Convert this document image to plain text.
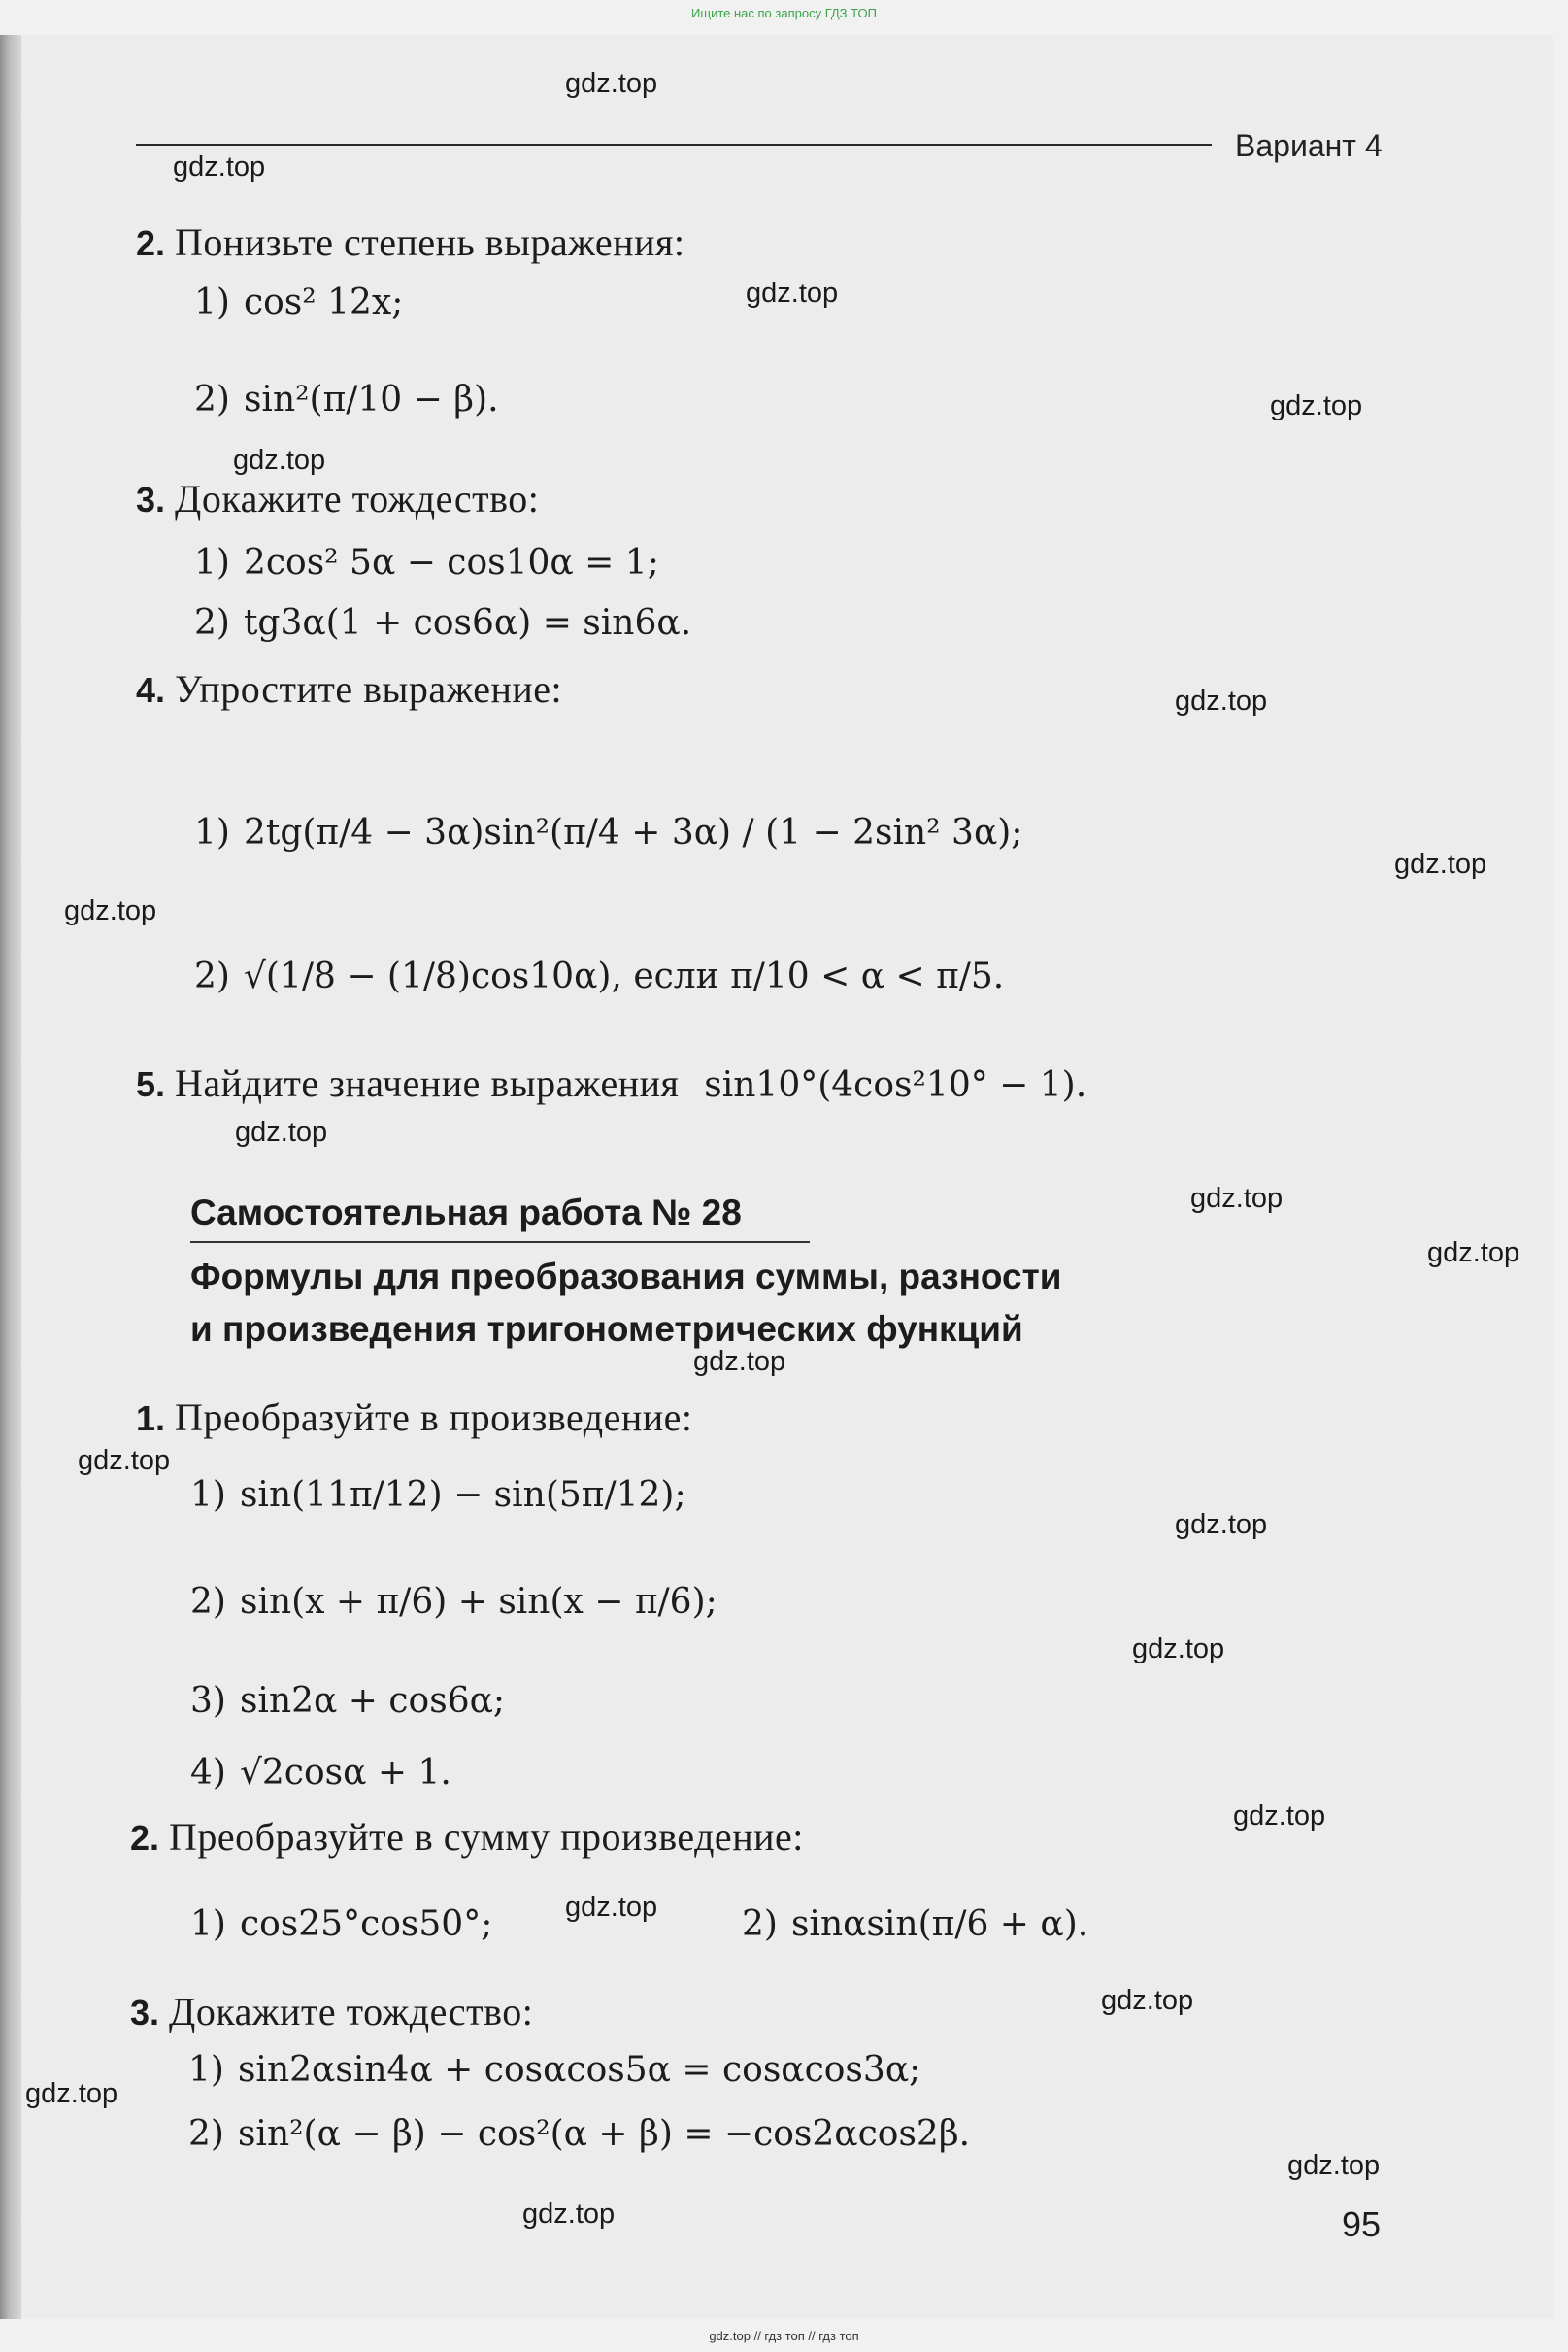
Ищите нас по запросу ГДЗ ТОП
Вариант 4
2. Понизьте степень выражения:
1) cos² 12x;
2) sin²(π/10 − β).
3. Докажите тождество:
1) 2cos² 5α − cos10α = 1;
2) tg3α(1 + cos6α) = sin6α.
4. Упростите выражение:
1) 2tg(π/4 − 3α)sin²(π/4 + 3α) / (1 − 2sin² 3α);
2) √(1/8 − (1/8)cos10α), если π/10 < α < π/5.
5. Найдите значение выражения sin10°(4cos²10° − 1).
Самостоятельная работа № 28
Формулы для преобразования суммы, разности
и произведения тригонометрических функций
1. Преобразуйте в произведение:
1) sin(11π/12) − sin(5π/12);
2) sin(x + π/6) + sin(x − π/6);
3) sin2α + cos6α;
4) √2cosα + 1.
2. Преобразуйте в сумму произведение:
1) cos25°cos50°;	2) sinαsin(π/6 + α).
3. Докажите тождество:
1) sin2αsin4α + cosαcos5α = cosαcos3α;
2) sin²(α − β) − cos²(α + β) = −cos2αcos2β.
95
gdz.top
gdz.top
gdz.top
gdz.top
gdz.top
gdz.top
gdz.top
gdz.top
gdz.top
gdz.top
gdz.top
gdz.top
gdz.top
gdz.top
gdz.top
gdz.top
gdz.top
gdz.top
gdz.top
gdz.top
gdz.top
gdz.top // гдз топ // гдз топ
